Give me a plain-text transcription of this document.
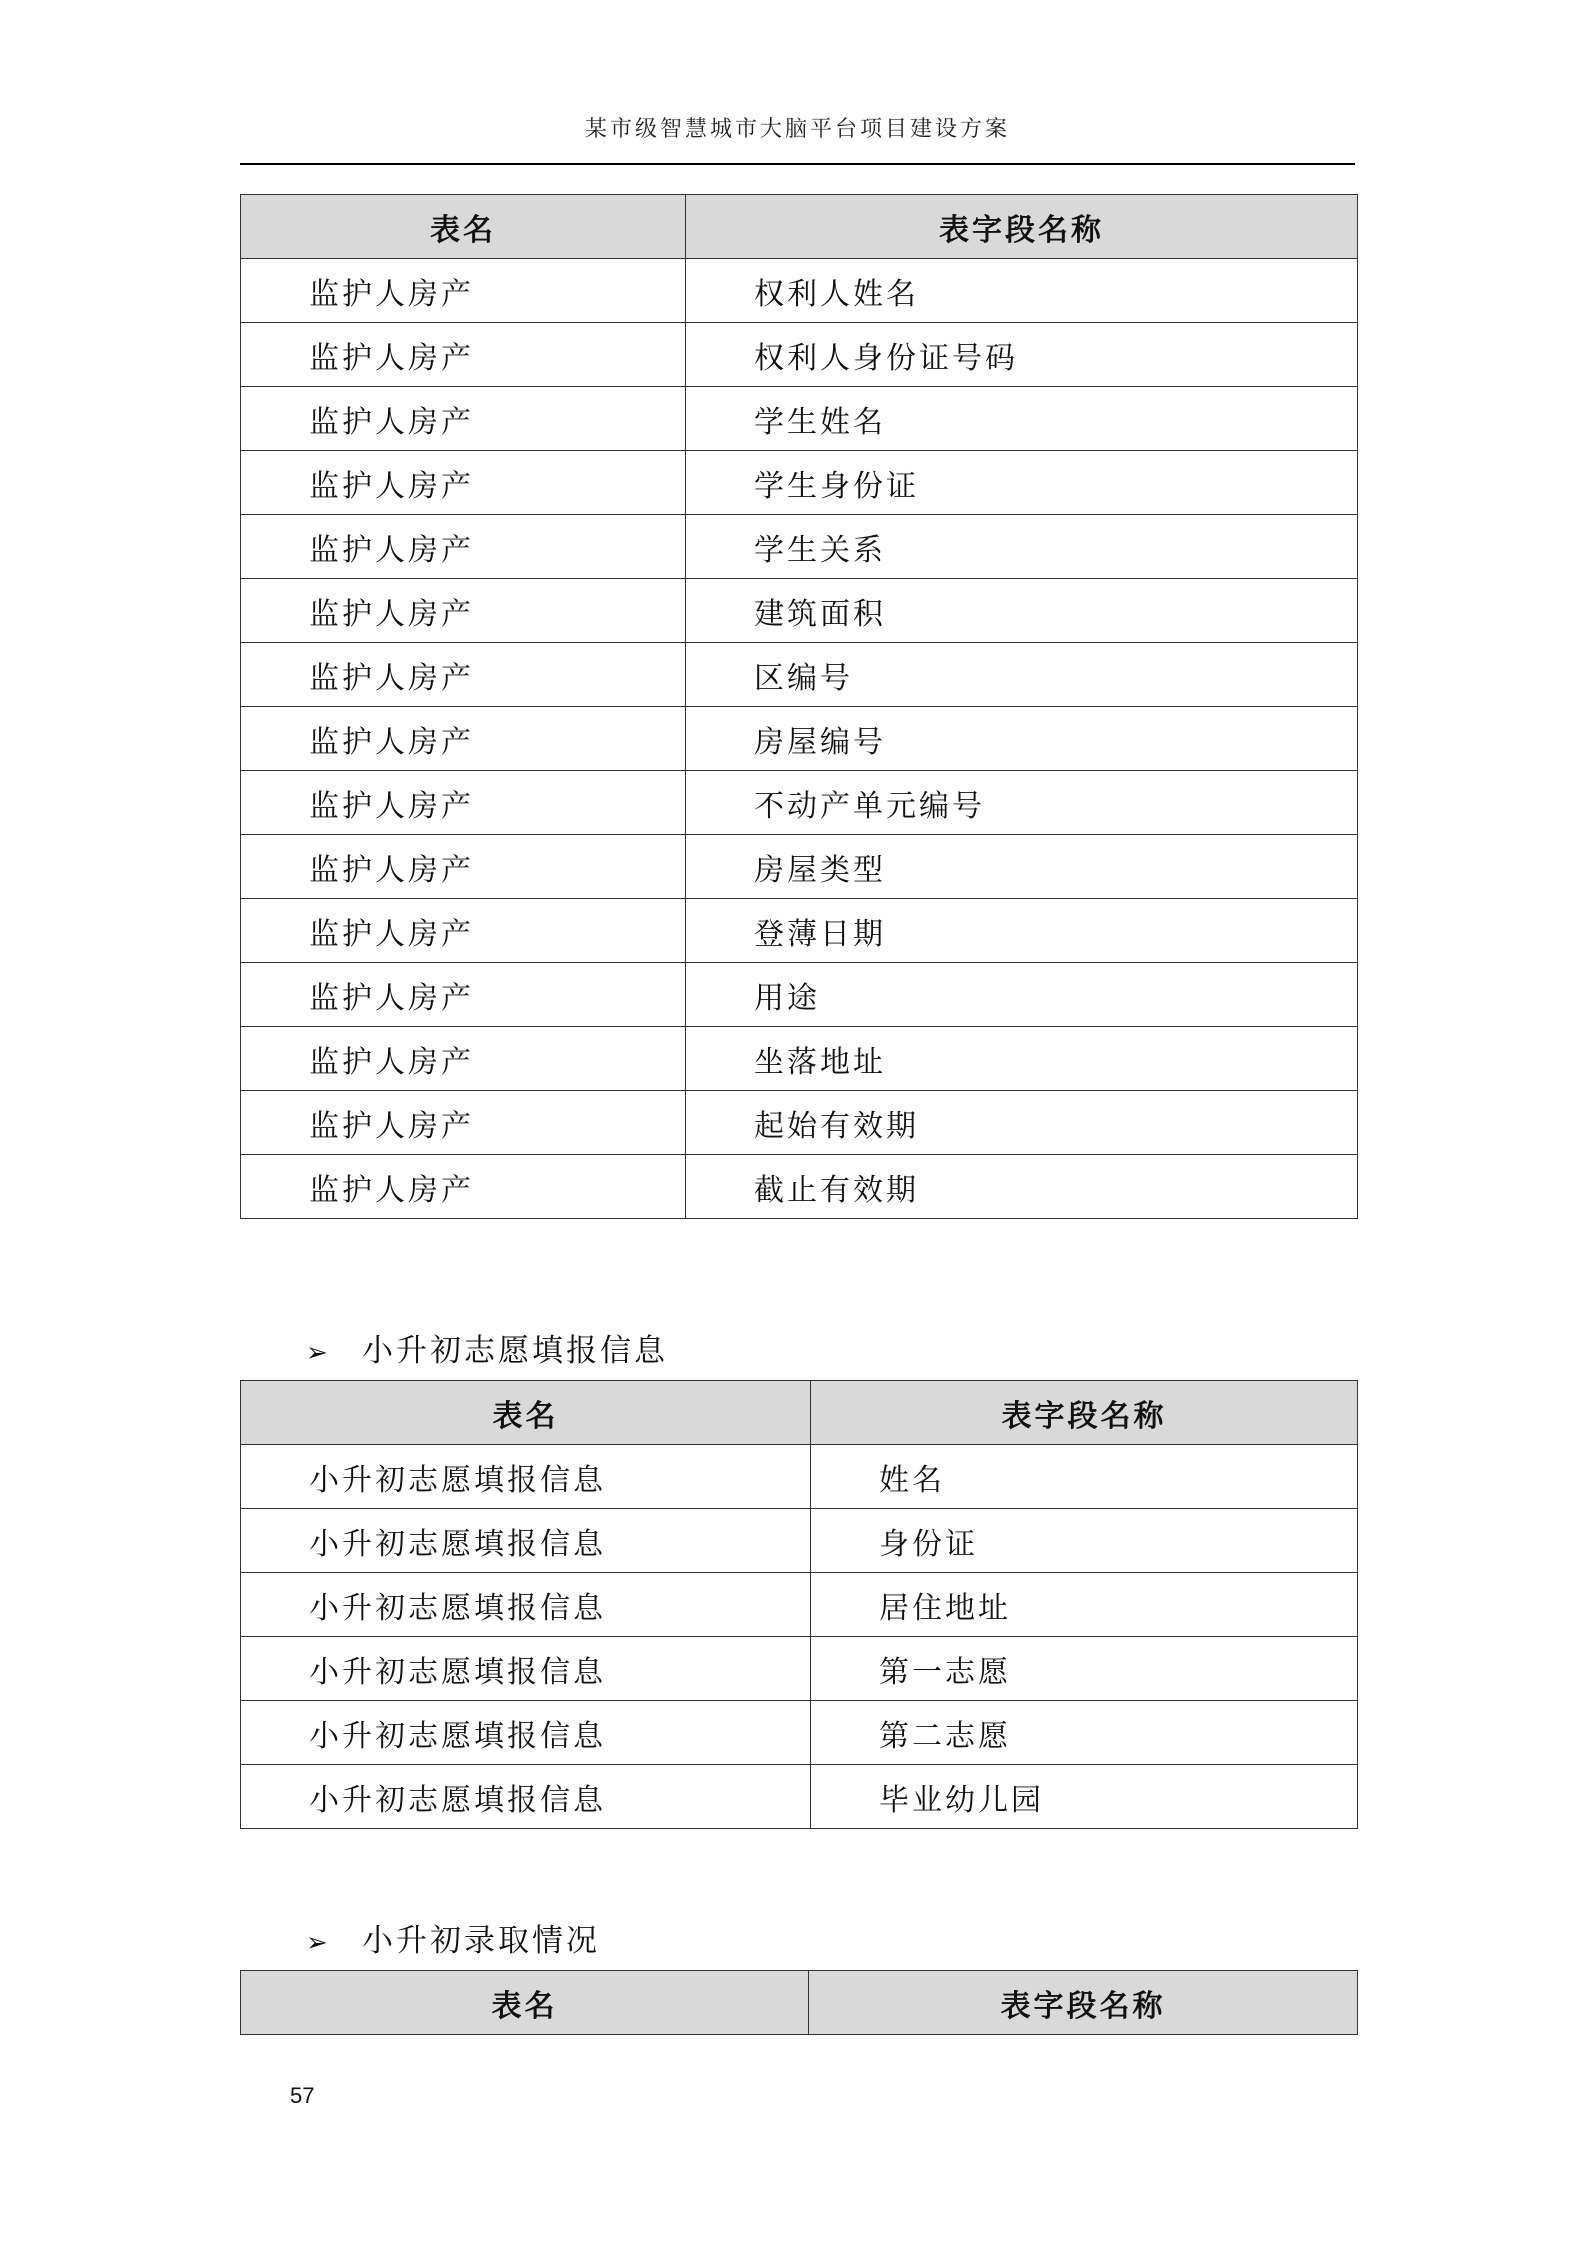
某市级智慧城市大脑平台项目建设方案
表名	表字段名称
监护人房产	权利人姓名
监护人房产	权利人身份证号码
监护人房产	学生姓名
监护人房产	学生身份证
监护人房产	学生关系
监护人房产	建筑面积
监护人房产	区编号
监护人房产	房屋编号
监护人房产	不动产单元编号
监护人房产	房屋类型
监护人房产	登薄日期
监护人房产	用途
监护人房产	坐落地址
监护人房产	起始有效期
监护人房产	截止有效期
➢ 小升初志愿填报信息
表名	表字段名称
小升初志愿填报信息	姓名
小升初志愿填报信息	身份证
小升初志愿填报信息	居住地址
小升初志愿填报信息	第一志愿
小升初志愿填报信息	第二志愿
小升初志愿填报信息	毕业幼儿园
➢ 小升初录取情况
表名	表字段名称
57
